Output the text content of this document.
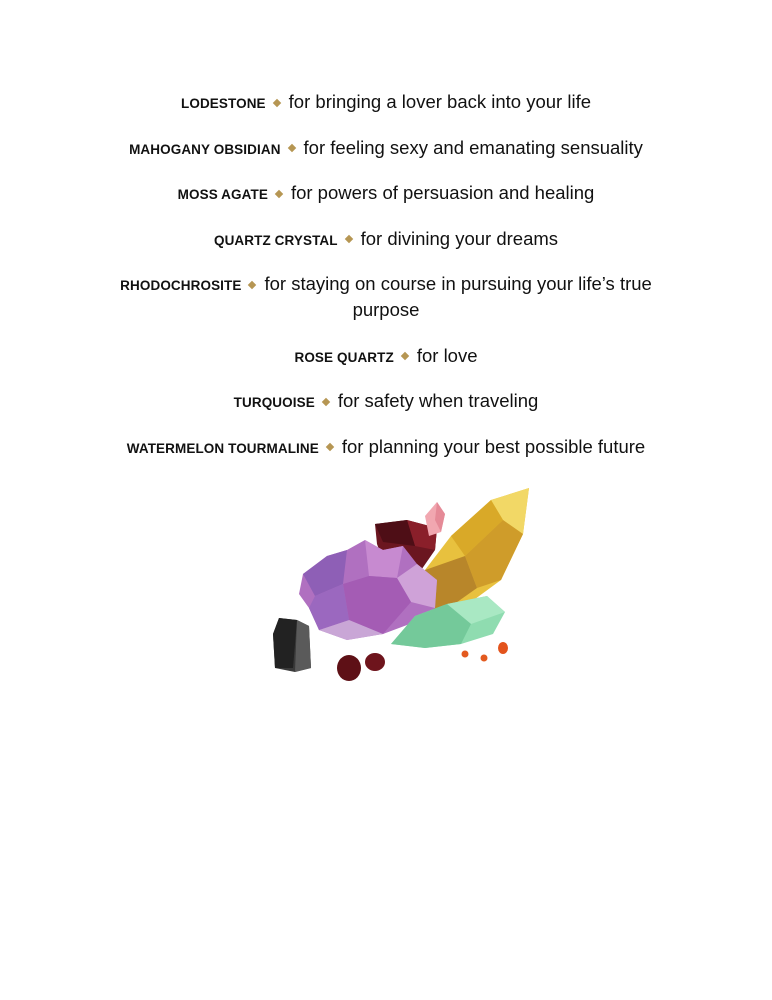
LODESTONE for bringing a lover back into your life

MAHOGANY OBSIDIAN for feeling sexy and emanating sensuality

MOSS AGATE for powers of persuasion and healing

QUARTZ CRYSTAL for divining your dreams

RHODOCHROSITE for staying on course in pursuing your life’s true purpose

ROSE QUARTZ for love

TURQUOISE for safety when traveling

WATERMELON TOURMALINE for planning your best possible future
